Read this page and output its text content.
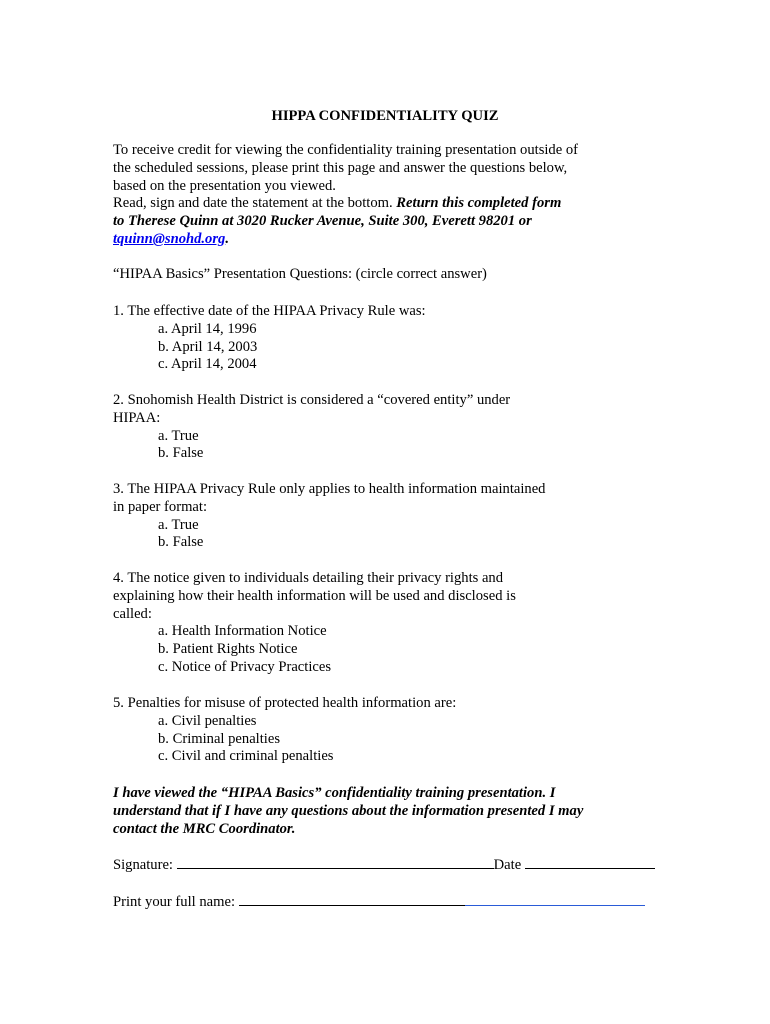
HIPPA CONFIDENTIALITY QUIZ
To receive credit for viewing the confidentiality training presentation outside of
the scheduled sessions, please print this page and answer the questions below,
based on the presentation you viewed.
Read, sign and date the statement at the bottom. Return this completed form
to Therese Quinn at 3020 Rucker Avenue, Suite 300, Everett 98201 or
tquinn@snohd.org.
“HIPAA Basics” Presentation Questions: (circle correct answer)
1. The effective date of the HIPAA Privacy Rule was:
a. April 14, 1996
b. April 14, 2003
c. April 14, 2004
2. Snohomish Health District is considered a “covered entity” under
HIPAA:
a. True
b. False
3. The HIPAA Privacy Rule only applies to health information maintained
in paper format:
a. True
b. False
4. The notice given to individuals detailing their privacy rights and
explaining how their health information will be used and disclosed is
called:
a. Health Information Notice
b. Patient Rights Notice
c. Notice of Privacy Practices
5. Penalties for misuse of protected health information are:
a. Civil penalties
b. Criminal penalties
c. Civil and criminal penalties
I have viewed the “HIPAA Basics” confidentiality training presentation. I
understand that if I have any questions about the information presented I may
contact the MRC Coordinator.
Signature:	Date
Print your full name:
